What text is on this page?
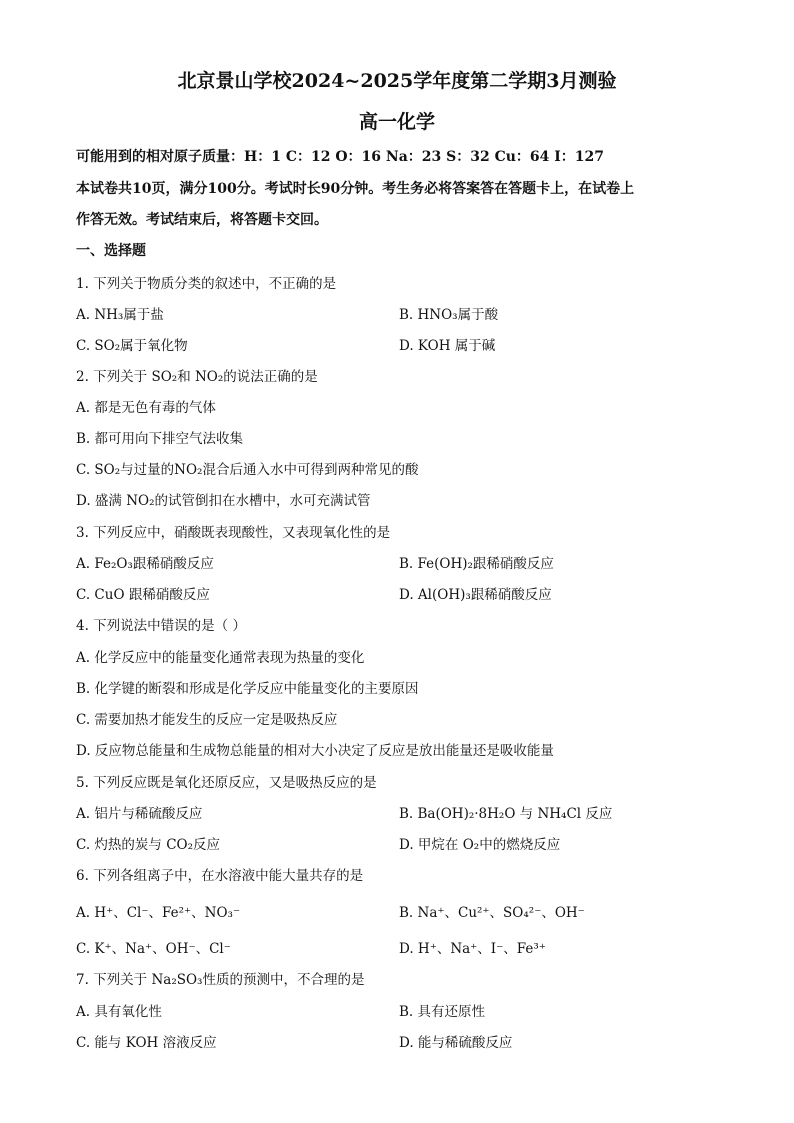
北京景山学校2024~2025学年度第二学期3月测验
高一化学
可能用到的相对原子质量：H：1 C：12 O：16 Na：23 S：32 Cu：64 I：127
本试卷共10页，满分100分。考试时长90分钟。考生务必将答案答在答题卡上，在试卷上
作答无效。考试结束后，将答题卡交回。
一、选择题
1. 下列关于物质分类的叙述中，不正确的是
A. NH₃属于盐	B. HNO₃属于酸
C. SO₂属于氧化物	D. KOH 属于碱
2. 下列关于 SO₂和 NO₂的说法正确的是
A. 都是无色有毒的气体
B. 都可用向下排空气法收集
C. SO₂与过量的NO₂混合后通入水中可得到两种常见的酸
D. 盛满 NO₂的试管倒扣在水槽中，水可充满试管
3. 下列反应中，硝酸既表现酸性，又表现氧化性的是
A. Fe₂O₃跟稀硝酸反应	B. Fe(OH)₂跟稀硝酸反应
C. CuO 跟稀硝酸反应	D. Al(OH)₃跟稀硝酸反应
4. 下列说法中错误的是（ ）
A. 化学反应中的能量变化通常表现为热量的变化
B. 化学键的断裂和形成是化学反应中能量变化的主要原因
C. 需要加热才能发生的反应一定是吸热反应
D. 反应物总能量和生成物总能量的相对大小决定了反应是放出能量还是吸收能量
5. 下列反应既是氧化还原反应，又是吸热反应的是
A. 铝片与稀硫酸反应	B. Ba(OH)₂·8H₂O 与 NH₄Cl 反应
C. 灼热的炭与 CO₂反应	D. 甲烷在 O₂中的燃烧反应
6. 下列各组离子中，在水溶液中能大量共存的是
A. H⁺、Cl⁻、Fe²⁺、NO₃⁻	B. Na⁺、Cu²⁺、SO₄²⁻、OH⁻
C. K⁺、Na⁺、OH⁻、Cl⁻	D. H⁺、Na⁺、I⁻、Fe³⁺
7. 下列关于 Na₂SO₃性质的预测中，不合理的是
A. 具有氧化性	B. 具有还原性
C. 能与 KOH 溶液反应	D. 能与稀硫酸反应
